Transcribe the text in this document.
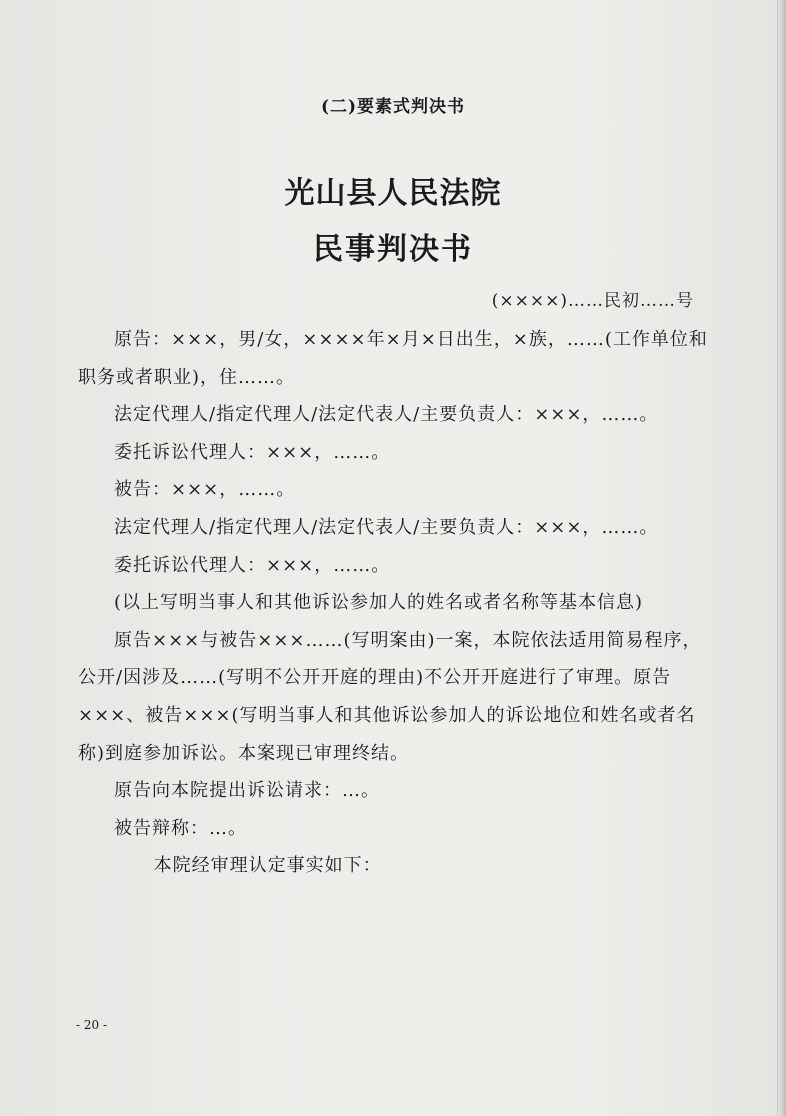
(二)要素式判决书
光山县人民法院
民事判决书
(××××)……民初……号

原告：×××，男/女，××××年×月×日出生，×族，……(工作单位和职务或者职业)，住……。

法定代理人/指定代理人/法定代表人/主要负责人：×××，……。

委托诉讼代理人：×××，……。

被告：×××，……。

法定代理人/指定代理人/法定代表人/主要负责人：×××，……。

委托诉讼代理人：×××，……。

(以上写明当事人和其他诉讼参加人的姓名或者名称等基本信息)

原告×××与被告×××……(写明案由)一案，本院依法适用简易程序，公开/因涉及……(写明不公开开庭的理由)不公开开庭进行了审理。原告×××、被告×××(写明当事人和其他诉讼参加人的诉讼地位和姓名或者名称)到庭参加诉讼。本案现已审理终结。

原告向本院提出诉讼请求：…。

被告辩称：…。

本院经审理认定事实如下：

- 20 -
